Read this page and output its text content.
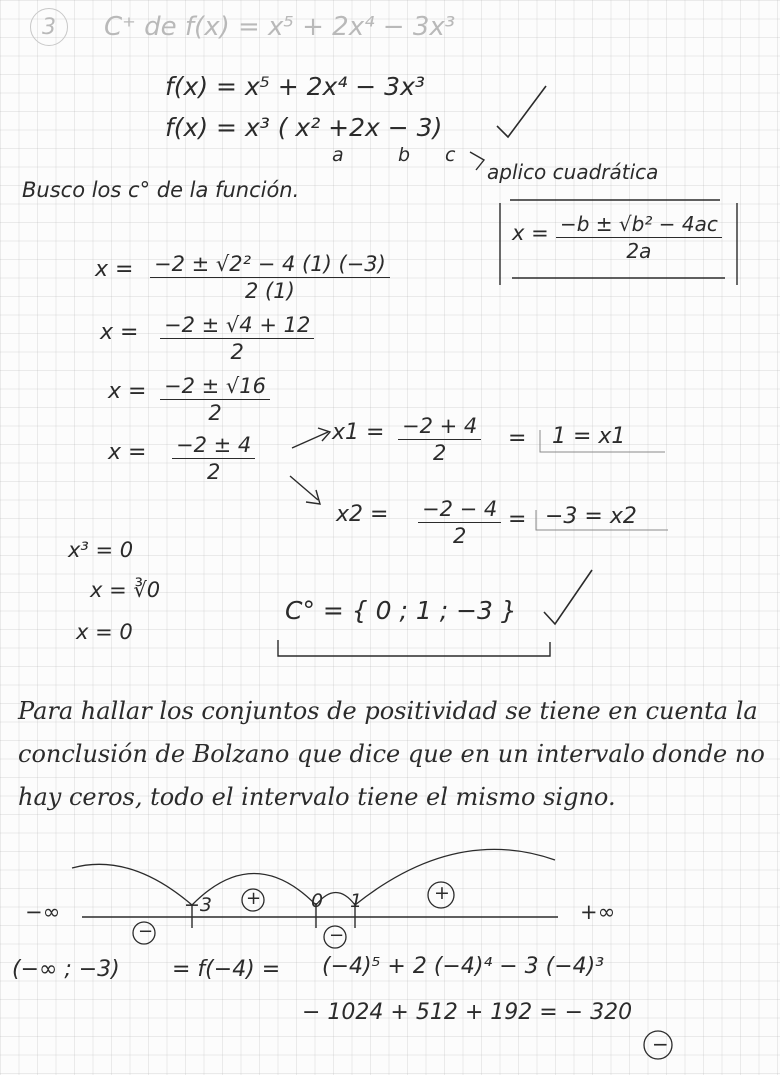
3 C⁺ de f(x) = x⁵ + 2x⁴ − 3x³
f(x) = x⁵ + 2x⁴ − 3x³
f(x) = x³ ( x² +2x − 3)
a	b c
aplico cuadrática
Busco los c° de la función.
$x = \frac{\text{−b ± √b² − 4ac}}{2a}$
$x = \frac{\text{−2 ± √2² − 4 (1) (−3)}}{2 (1)}$
$x = \frac{-2 \pm √4 + 12}{2}$
$x = \frac{-2 \pm √16}{2}$
$x = \frac{-2 \pm 4}{2}$
$x1 = \frac{-2 + 4}{2} = 1 = x1$
$x2 = \frac{-2 - 4}{2} = -3 = x2$
x³ = 0
x = ∛0
x = 0
C° = { 0 ; 1 ; −3 }
Para hallar los conjuntos de positividad se tiene en cuenta la conclusión de Bolzano que dice que en un intervalo donde no hay ceros, todo el intervalo tiene el mismo signo.
−∞	+∞
−3	0 1
−
+
−
+
(−∞ ; −3) = f(−4) = (−4)⁵ + 2 (−4)⁴ − 3 (−4)³
− 1024 + 512 + 192 = − 320
−
